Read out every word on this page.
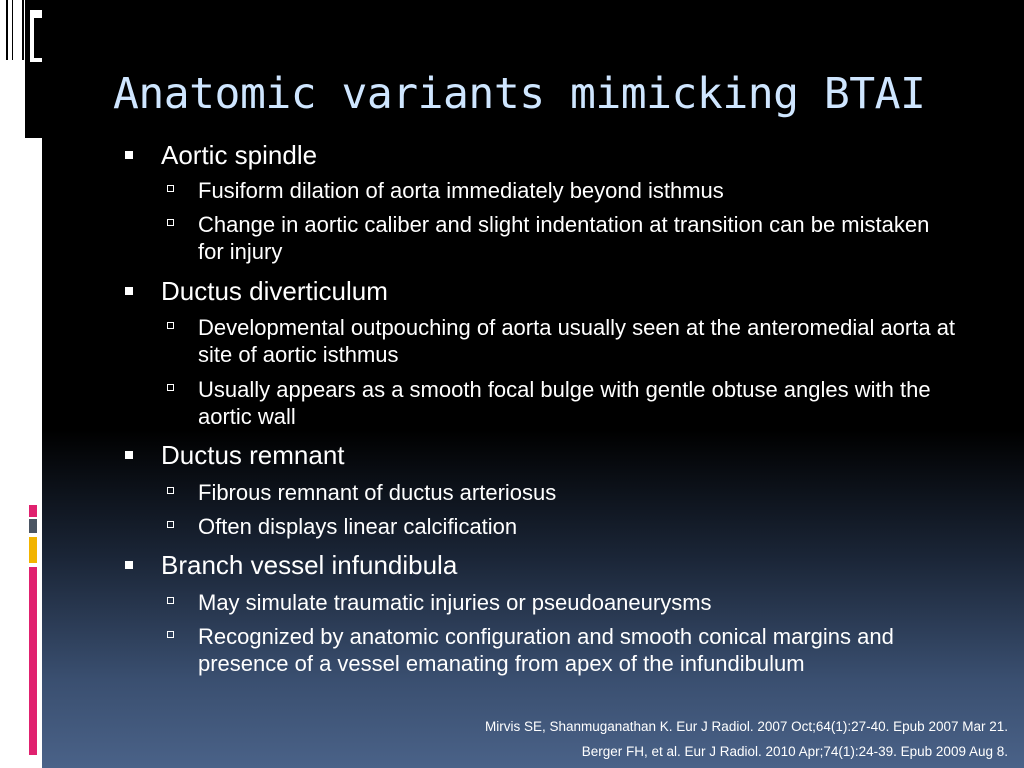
Anatomic variants mimicking BTAI
Aortic spindle
Fusiform dilation of aorta immediately beyond isthmus
Change in aortic caliber and slight indentation at transition can be mistaken for injury
Ductus diverticulum
Developmental outpouching of aorta usually seen at the anteromedial aorta at site of aortic isthmus
Usually appears as a smooth focal bulge with gentle obtuse angles with the aortic wall
Ductus remnant
Fibrous remnant of ductus arteriosus
Often displays linear calcification
Branch vessel infundibula
May simulate traumatic injuries or pseudoaneurysms
Recognized by anatomic configuration and smooth conical margins and presence of a vessel emanating from apex of the infundibulum
Mirvis SE, Shanmuganathan K. Eur J Radiol. 2007 Oct;64(1):27-40. Epub 2007 Mar 21.
Berger FH, et al. Eur J Radiol. 2010 Apr;74(1):24-39. Epub 2009 Aug 8.
